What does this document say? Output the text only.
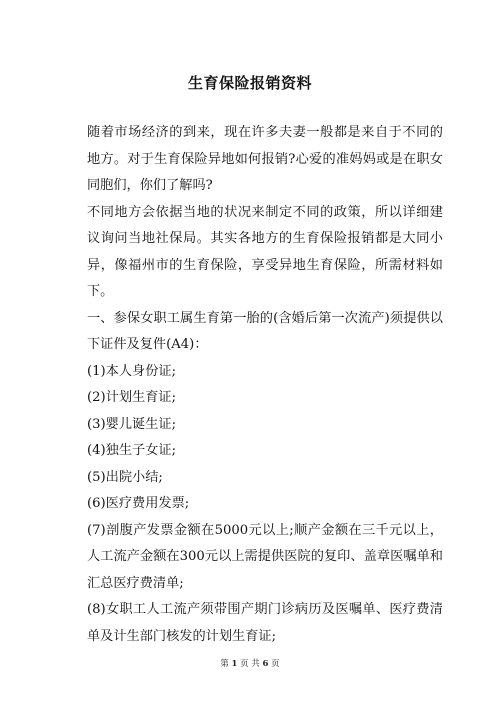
生育保险报销资料

随着市场经济的到来，现在许多夫妻一般都是来自于不同的地方。对于生育保险异地如何报销?心爱的准妈妈或是在职女同胞们，你们了解吗?

不同地方会依据当地的状况来制定不同的政策，所以详细建议询问当地社保局。其实各地方的生育保险报销都是大同小异，像福州市的生育保险，享受异地生育保险，所需材料如下。

一、参保女职工属生育第一胎的(含婚后第一次流产)须提供以下证件及复件(A4)：

(1)本人身份证;

(2)计划生育证;

(3)婴儿诞生证;

(4)独生子女证;

(5)出院小结;

(6)医疗费用发票;

(7)剖腹产发票金额在5000元以上;顺产金额在三千元以上，人工流产金额在300元以上需提供医院的复印、盖章医嘱单和汇总医疗费清单;

(8)女职工人工流产须带围产期门诊病历及医嘱单、医疗费清单及计生部门核发的计划生育证;

第 1 页 共 6 页
